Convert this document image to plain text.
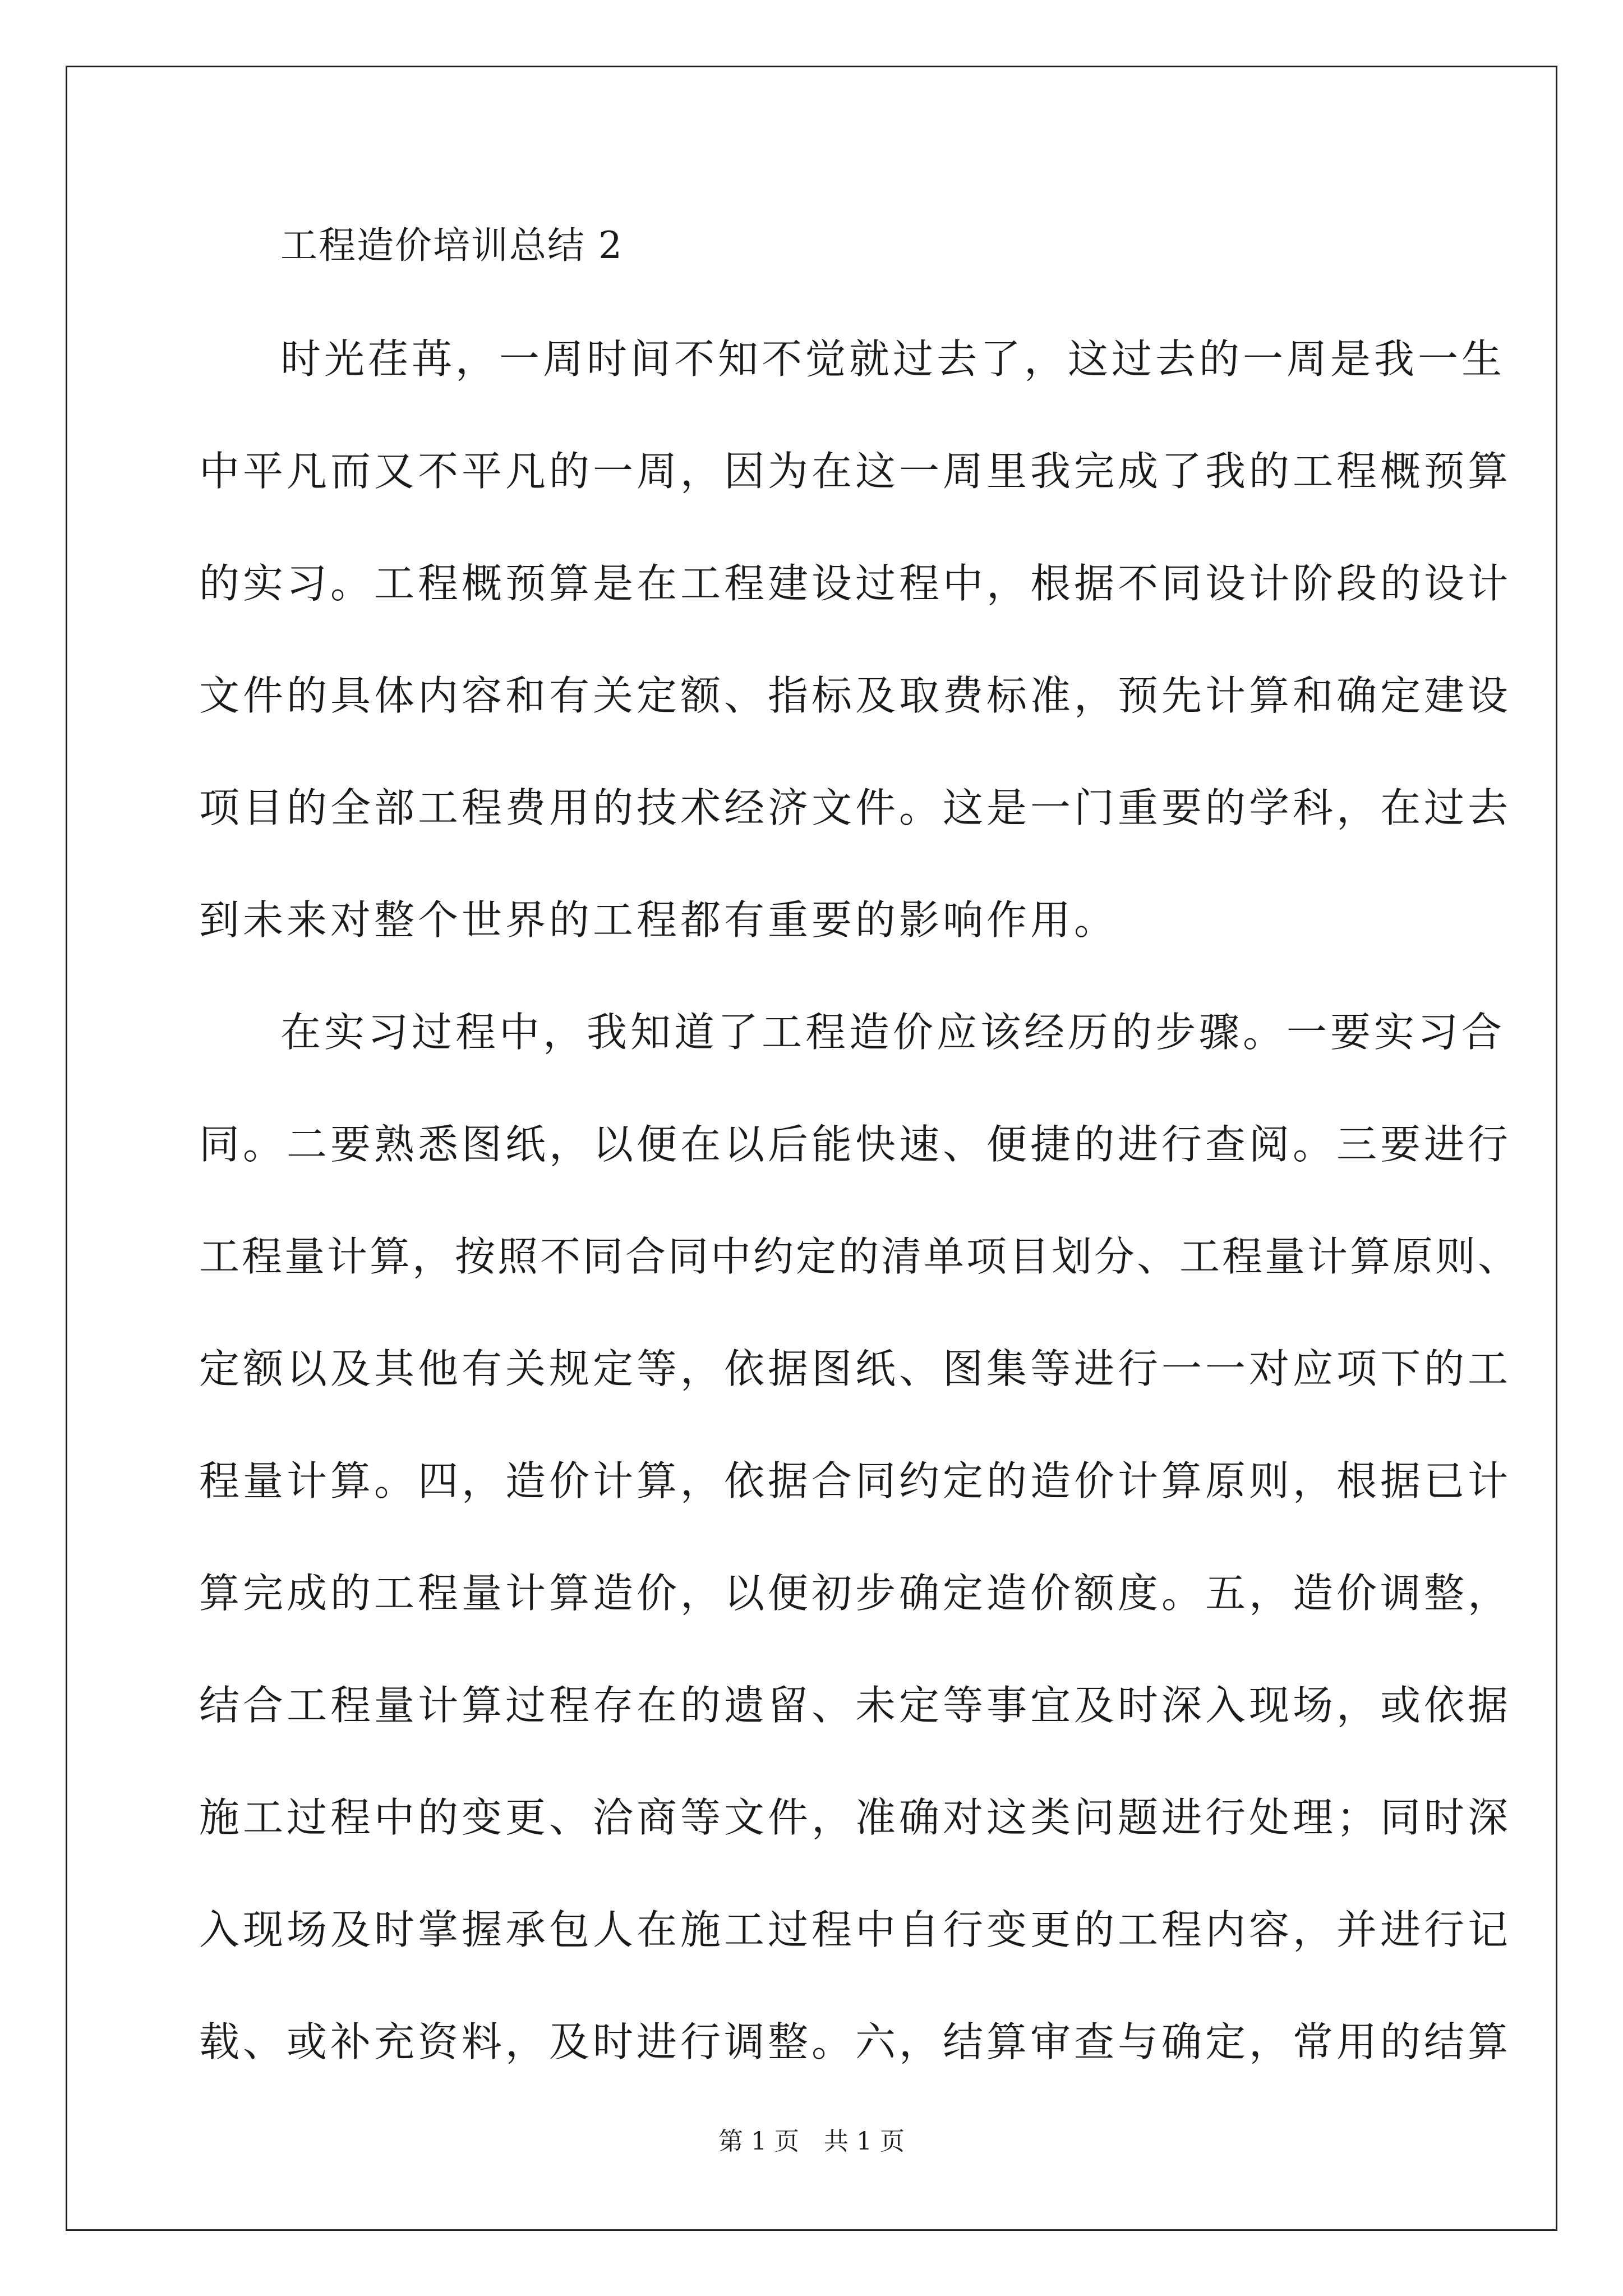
工程造价培训总结 2
时光荏苒，一周时间不知不觉就过去了，这过去的一周是我一生
中平凡而又不平凡的一周，因为在这一周里我完成了我的工程概预算
的实习。工程概预算是在工程建设过程中，根据不同设计阶段的设计
文件的具体内容和有关定额、指标及取费标准，预先计算和确定建设
项目的全部工程费用的技术经济文件。这是一门重要的学科，在过去
到未来对整个世界的工程都有重要的影响作用。
在实习过程中，我知道了工程造价应该经历的步骤。一要实习合
同。二要熟悉图纸，以便在以后能快速、便捷的进行查阅。三要进行
工程量计算，按照不同合同中约定的清单项目划分、工程量计算原则、
定额以及其他有关规定等，依据图纸、图集等进行一一对应项下的工
程量计算。四，造价计算，依据合同约定的造价计算原则，根据已计
算完成的工程量计算造价，以便初步确定造价额度。五，造价调整，
结合工程量计算过程存在的遗留、未定等事宜及时深入现场，或依据
施工过程中的变更、洽商等文件，准确对这类问题进行处理；同时深
入现场及时掌握承包人在施工过程中自行变更的工程内容，并进行记
载、或补充资料，及时进行调整。六，结算审查与确定，常用的结算
第 1 页　共 1 页
